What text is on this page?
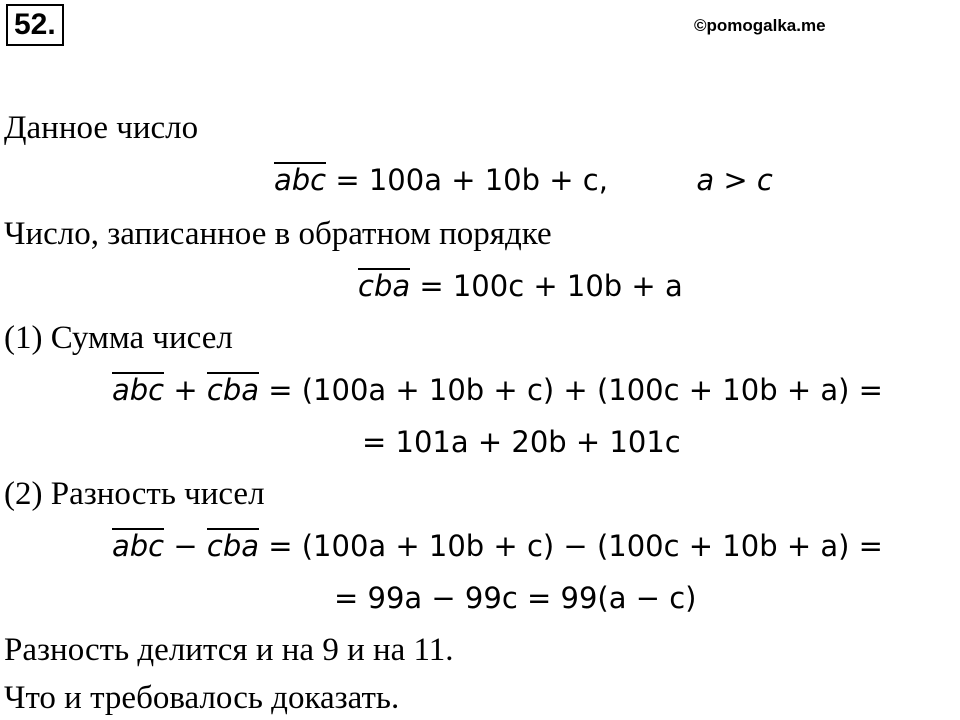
52.	©pomogalka.me
Данное число
abc = 100a + 10b + c,	a > c
Число, записанное в обратном порядке
cba = 100c + 10b + a
(1) Сумма чисел
abc + cba = (100a + 10b + c) + (100c + 10b + a) =
= 101a + 20b + 101c
(2) Разность чисел
abc − cba = (100a + 10b + c) − (100c + 10b + a) =
= 99a − 99c = 99(a − c)
Разность делится и на 9 и на 11.
Что и требовалось доказать.
